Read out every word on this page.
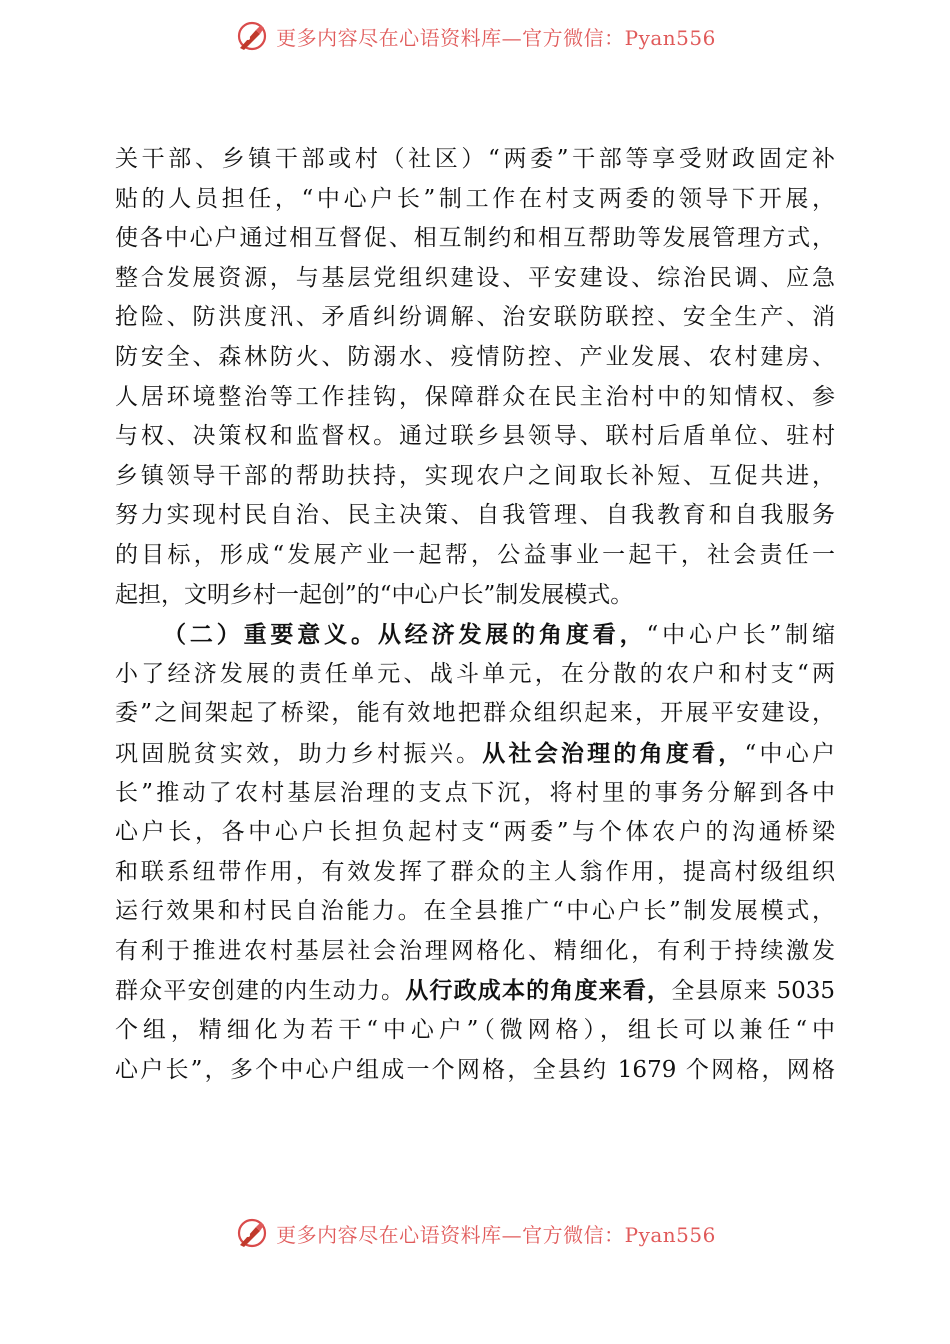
更多内容尽在心语资料库—官方微信：Pyan556
关干部、乡镇干部或村（社区）“两委”干部等享受财政固定补
贴的人员担任，“中心户长”制工作在村支两委的领导下开展，
使各中心户通过相互督促、相互制约和相互帮助等发展管理方式，
整合发展资源，与基层党组织建设、平安建设、综治民调、应急
抢险、防洪度汛、矛盾纠纷调解、治安联防联控、安全生产、消
防安全、森林防火、防溺水、疫情防控、产业发展、农村建房、
人居环境整治等工作挂钩，保障群众在民主治村中的知情权、参
与权、决策权和监督权。通过联乡县领导、联村后盾单位、驻村
乡镇领导干部的帮助扶持，实现农户之间取长补短、互促共进，
努力实现村民自治、民主决策、自我管理、自我教育和自我服务
的目标，形成“发展产业一起帮，公益事业一起干，社会责任一
起担，文明乡村一起创”的“中心户长”制发展模式。
（二）重要意义。从经济发展的角度看，“中心户长”制缩
小了经济发展的责任单元、战斗单元，在分散的农户和村支“两
委”之间架起了桥梁，能有效地把群众组织起来，开展平安建设，
巩固脱贫实效，助力乡村振兴。从社会治理的角度看，“中心户
长”推动了农村基层治理的支点下沉，将村里的事务分解到各中
心户长，各中心户长担负起村支“两委”与个体农户的沟通桥梁
和联系纽带作用，有效发挥了群众的主人翁作用，提高村级组织
运行效果和村民自治能力。在全县推广“中心户长”制发展模式，
有利于推进农村基层社会治理网格化、精细化，有利于持续激发
群众平安创建的内生动力。从行政成本的角度来看，全县原来 5035
个组，精细化为若干“中心户”（微网格），组长可以兼任“中
心户长”，多个中心户组成一个网格，全县约 1679 个网格，网格
更多内容尽在心语资料库—官方微信：Pyan556
